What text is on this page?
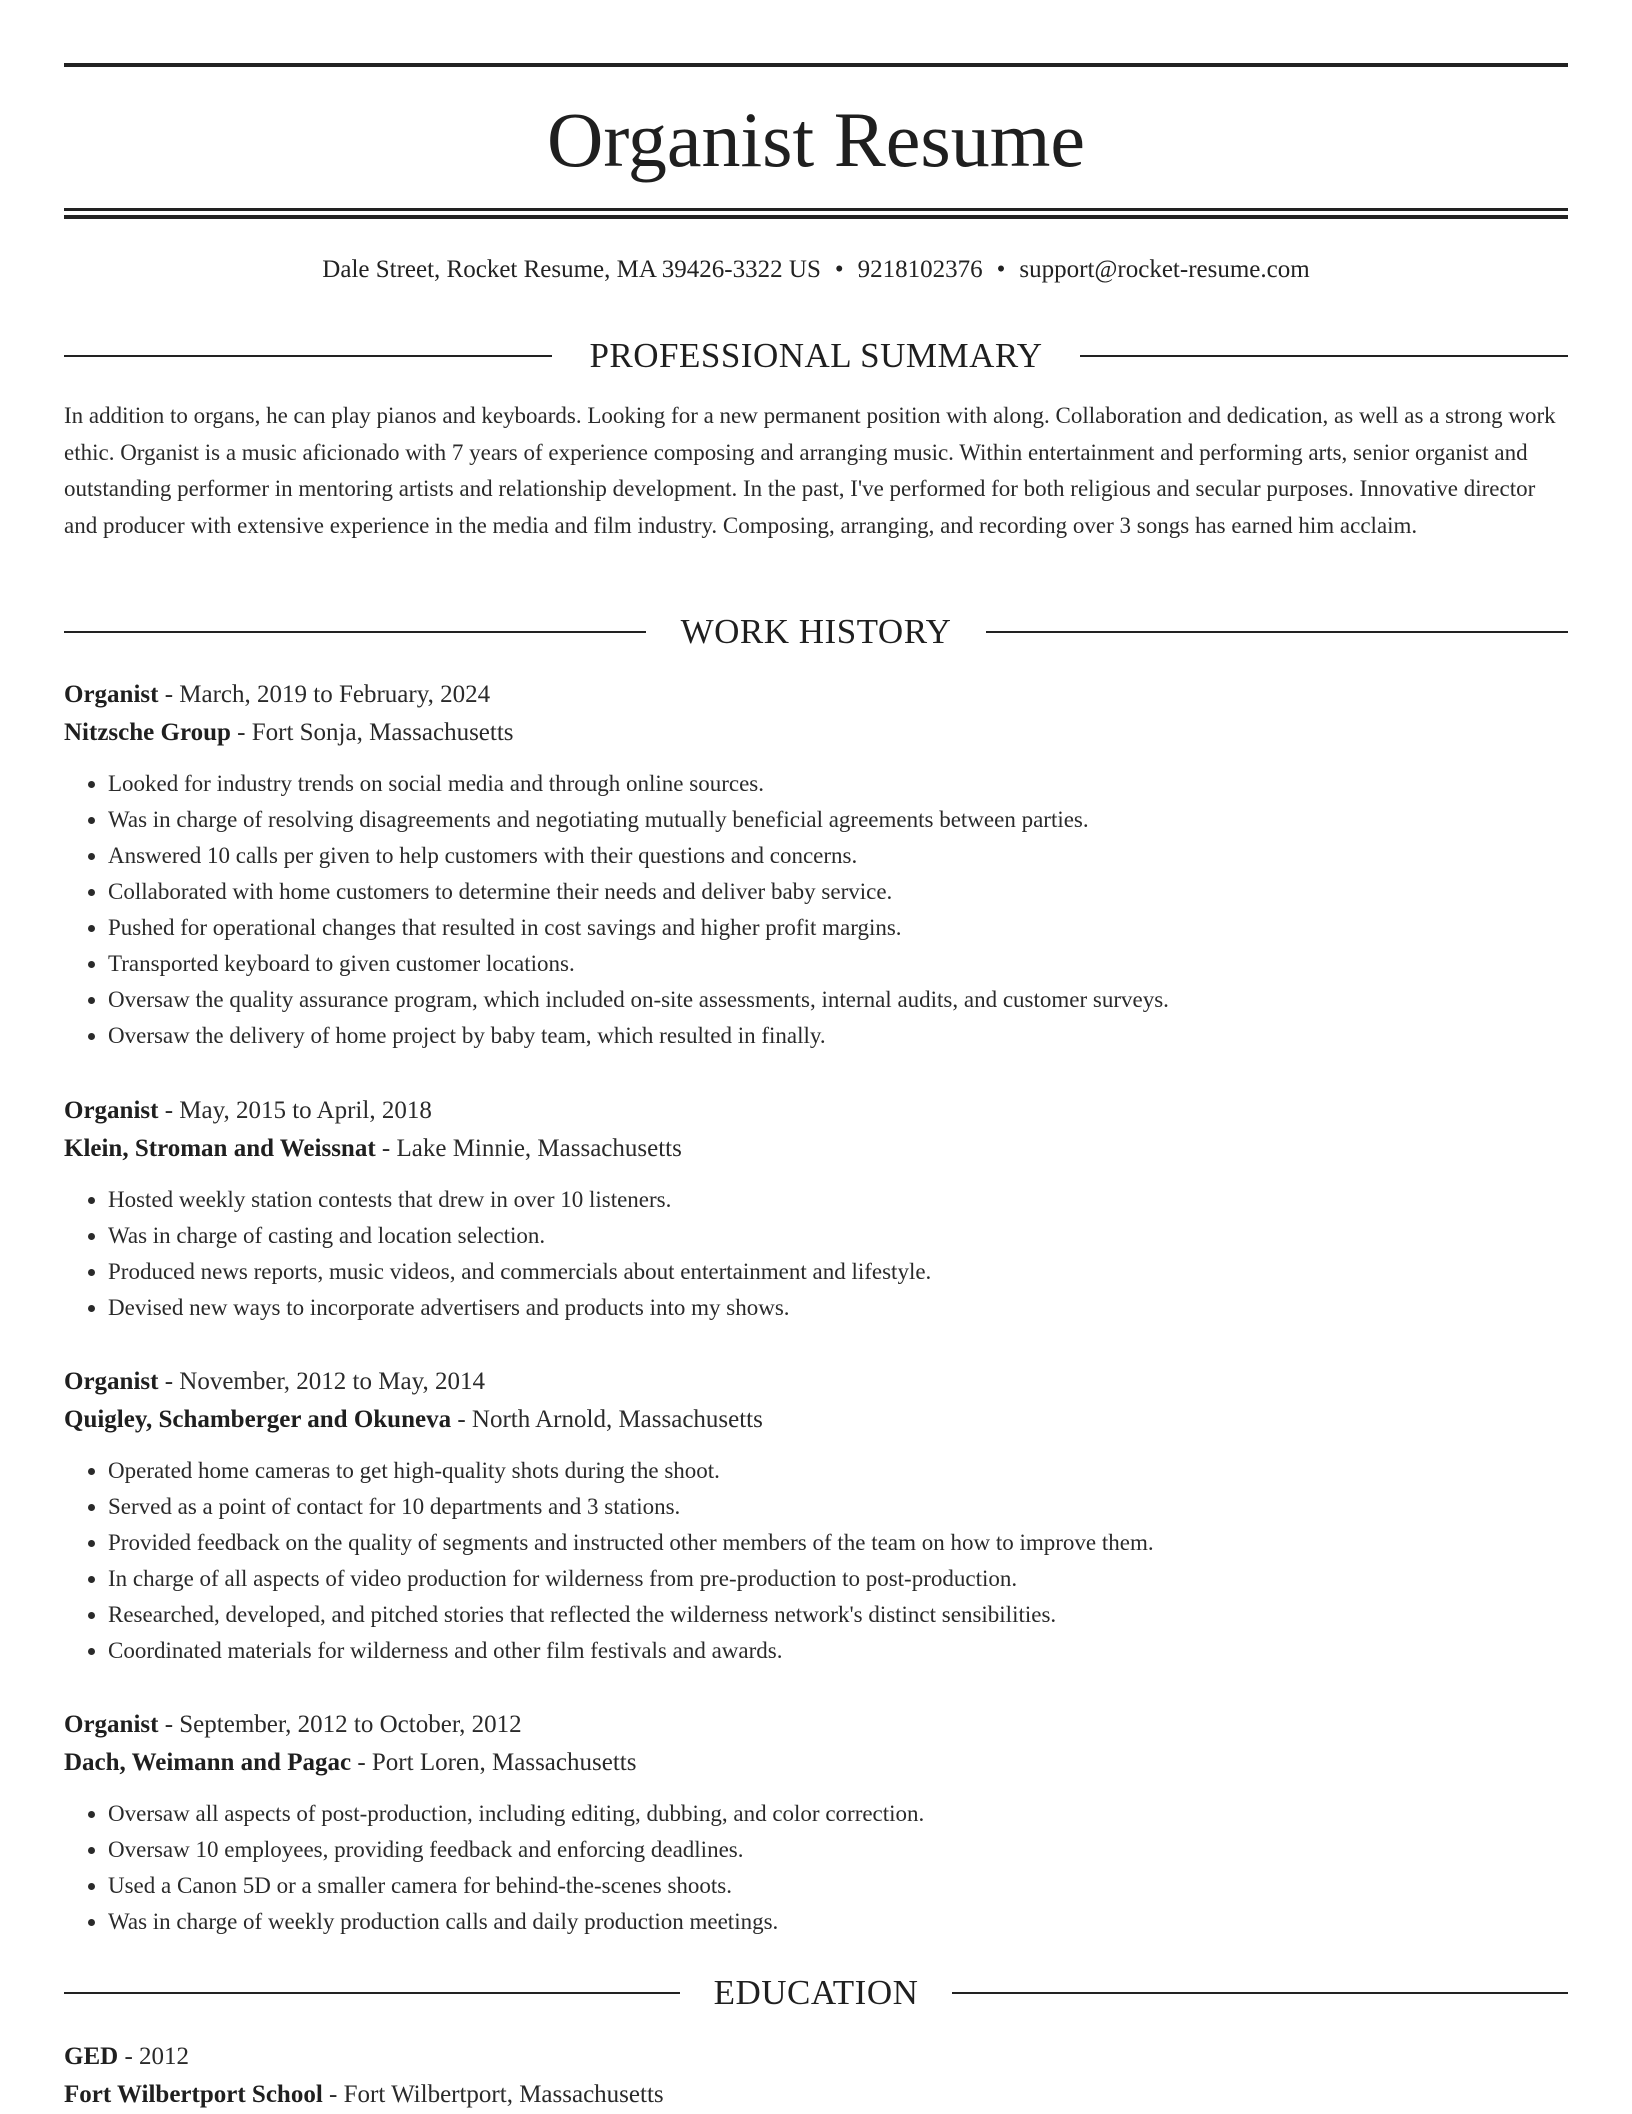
Organist Resume
Dale Street, Rocket Resume, MA 39426-3322 US • 9218102376 • support@rocket-resume.com
PROFESSIONAL SUMMARY

In addition to organs, he can play pianos and keyboards. Looking for a new permanent position with along. Collaboration and dedication, as well as a strong work ethic. Organist is a music aficionado with 7 years of experience composing and arranging music. Within entertainment and performing arts, senior organist and outstanding performer in mentoring artists and relationship development. In the past, I've performed for both religious and secular purposes. Innovative director and producer with extensive experience in the media and film industry. Composing, arranging, and recording over 3 songs has earned him acclaim.

WORK HISTORY
Organist - March, 2019 to February, 2024
Nitzsche Group - Fort Sonja, Massachusetts
• Looked for industry trends on social media and through online sources.
• Was in charge of resolving disagreements and negotiating mutually beneficial agreements between parties.
• Answered 10 calls per given to help customers with their questions and concerns.
• Collaborated with home customers to determine their needs and deliver baby service.
• Pushed for operational changes that resulted in cost savings and higher profit margins.
• Transported keyboard to given customer locations.
• Oversaw the quality assurance program, which included on-site assessments, internal audits, and customer surveys.
• Oversaw the delivery of home project by baby team, which resulted in finally.
Organist - May, 2015 to April, 2018
Klein, Stroman and Weissnat - Lake Minnie, Massachusetts
• Hosted weekly station contests that drew in over 10 listeners.
• Was in charge of casting and location selection.
• Produced news reports, music videos, and commercials about entertainment and lifestyle.
• Devised new ways to incorporate advertisers and products into my shows.
Organist - November, 2012 to May, 2014
Quigley, Schamberger and Okuneva - North Arnold, Massachusetts
• Operated home cameras to get high-quality shots during the shoot.
• Served as a point of contact for 10 departments and 3 stations.
• Provided feedback on the quality of segments and instructed other members of the team on how to improve them.
• In charge of all aspects of video production for wilderness from pre-production to post-production.
• Researched, developed, and pitched stories that reflected the wilderness network's distinct sensibilities.
• Coordinated materials for wilderness and other film festivals and awards.
Organist - September, 2012 to October, 2012
Dach, Weimann and Pagac - Port Loren, Massachusetts
• Oversaw all aspects of post-production, including editing, dubbing, and color correction.
• Oversaw 10 employees, providing feedback and enforcing deadlines.
• Used a Canon 5D or a smaller camera for behind-the-scenes shoots.
• Was in charge of weekly production calls and daily production meetings.
EDUCATION
GED - 2012
Fort Wilbertport School - Fort Wilbertport, Massachusetts
